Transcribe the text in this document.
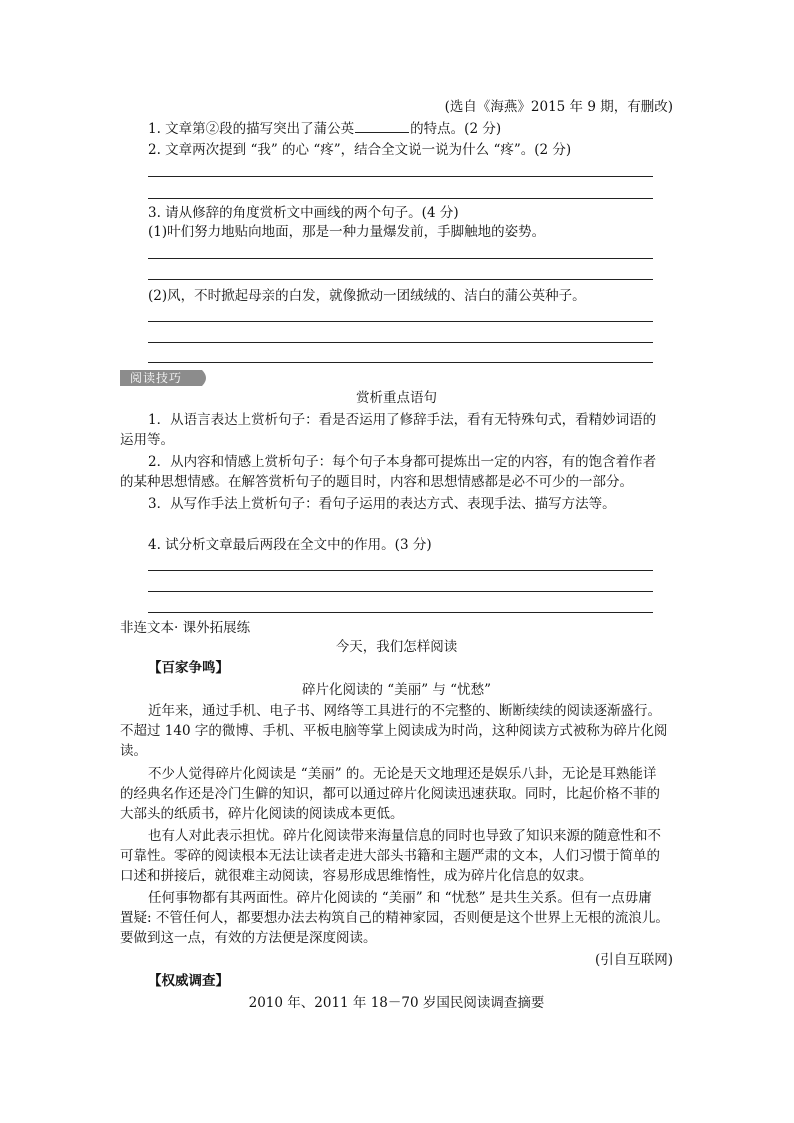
(选自《海燕》2015 年 9 期，有删改)
1. 文章第②段的描写突出了蒲公英	的特点。(2 分)
2. 文章两次提到 “我” 的心 “疼”，结合全文说一说为什么 “疼”。(2 分)
3. 请从修辞的角度赏析文中画线的两个句子。(4 分)
(1)叶们努力地贴向地面，那是一种力量爆发前，手脚触地的姿势。
(2)风，不时掀起母亲的白发，就像掀动一团绒绒的、洁白的蒲公英种子。
阅读技巧
赏析重点语句
1．从语言表达上赏析句子：看是否运用了修辞手法，看有无特殊句式，看精妙词语的
运用等。
2．从内容和情感上赏析句子：每个句子本身都可提炼出一定的内容，有的饱含着作者
的某种思想情感。在解答赏析句子的题目时，内容和思想情感都是必不可少的一部分。
3．从写作手法上赏析句子：看句子运用的表达方式、表现手法、描写方法等。
4. 试分析文章最后两段在全文中的作用。(3 分)
非连文本· 课外拓展练
今天，我们怎样阅读
【百家争鸣】
碎片化阅读的 “美丽” 与 “忧愁”
近年来，通过手机、电子书、网络等工具进行的不完整的、断断续续的阅读逐渐盛行。
不超过 140 字的微博、手机、平板电脑等掌上阅读成为时尚，这种阅读方式被称为碎片化阅
读。
不少人觉得碎片化阅读是 “美丽” 的。无论是天文地理还是娱乐八卦，无论是耳熟能详
的经典名作还是冷门生僻的知识，都可以通过碎片化阅读迅速获取。同时，比起价格不菲的
大部头的纸质书，碎片化阅读的阅读成本更低。
也有人对此表示担忧。碎片化阅读带来海量信息的同时也导致了知识来源的随意性和不
可靠性。零碎的阅读根本无法让读者走进大部头书籍和主题严肃的文本，人们习惯于简单的
口述和拼接后，就很难主动阅读，容易形成思维惰性，成为碎片化信息的奴隶。
任何事物都有其两面性。碎片化阅读的 “美丽” 和 “忧愁” 是共生关系。但有一点毋庸
置疑: 不管任何人，都要想办法去构筑自己的精神家园，否则便是这个世界上无根的流浪儿。
要做到这一点，有效的方法便是深度阅读。
(引自互联网)
【权威调查】
2010 年、2011 年 18－70 岁国民阅读调查摘要
